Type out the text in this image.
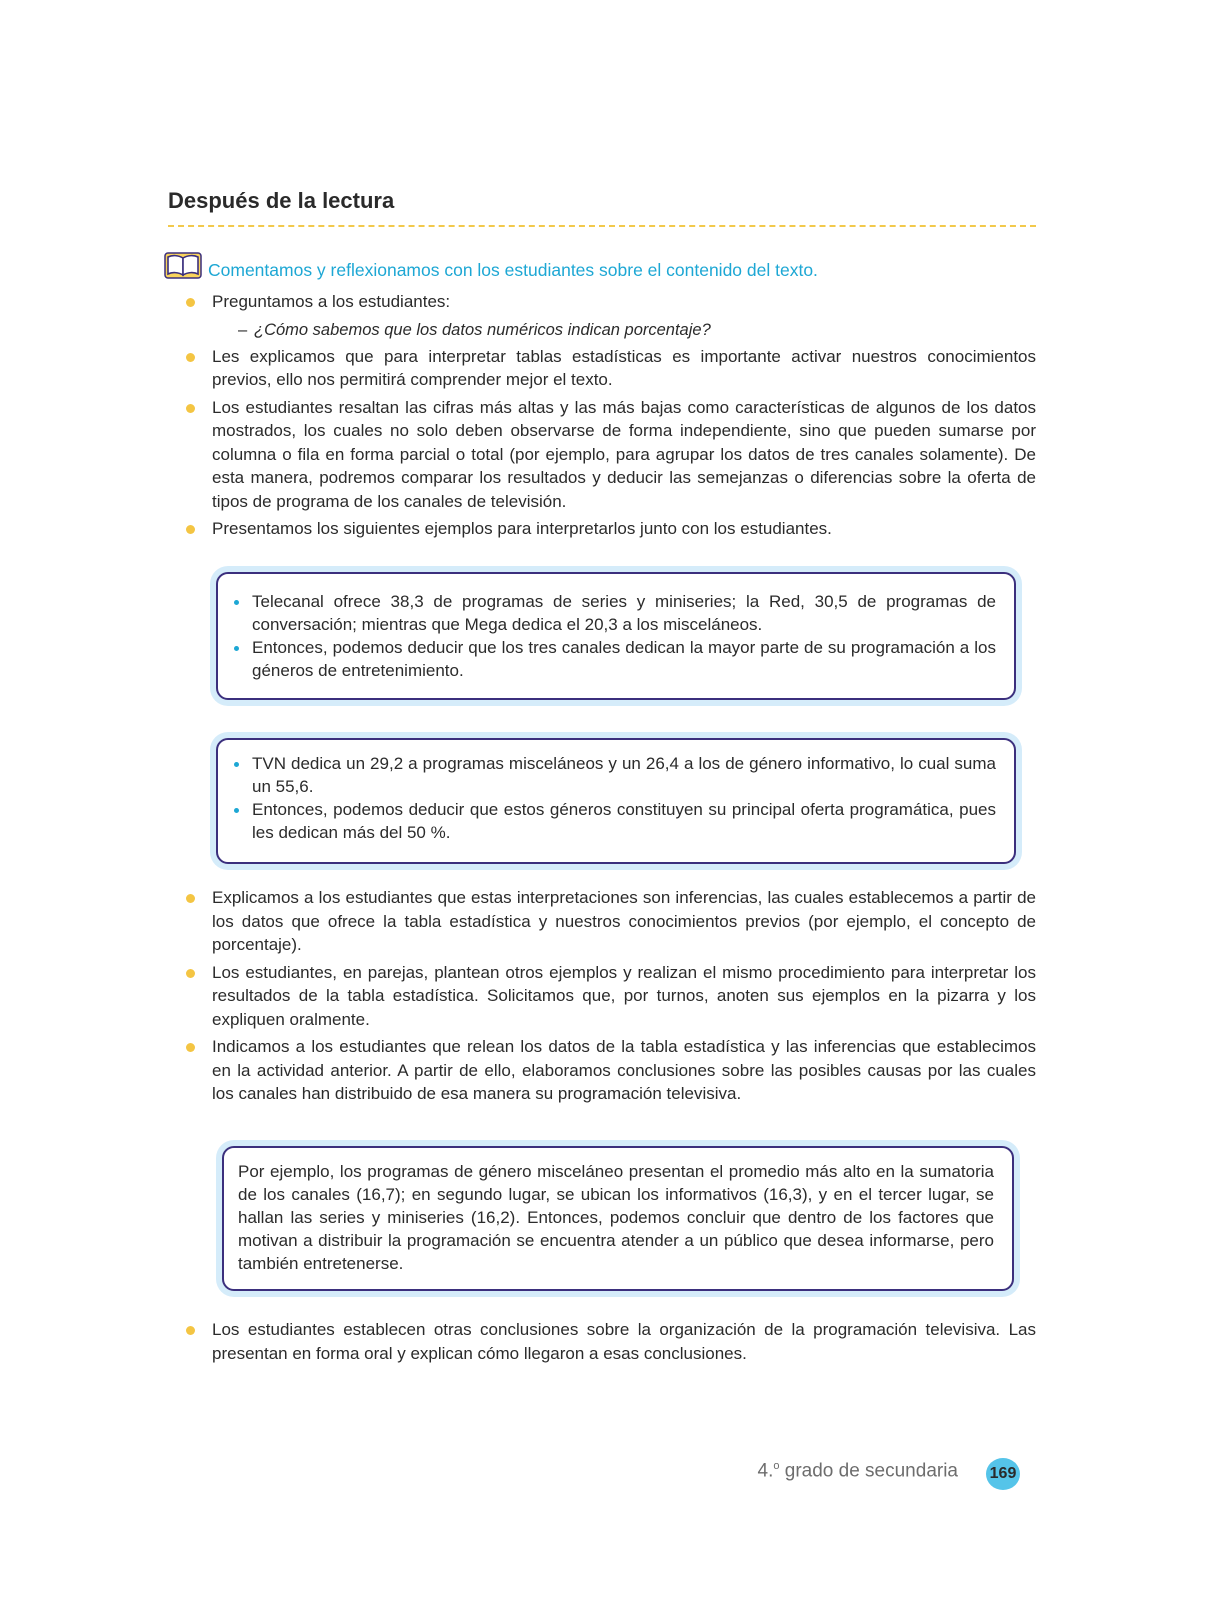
Después de la lectura
Comentamos y reflexionamos con los estudiantes sobre el contenido del texto.
Preguntamos a los estudiantes:
– ¿Cómo sabemos que los datos numéricos indican porcentaje?
Les explicamos que para interpretar tablas estadísticas es importante activar nuestros conocimientos previos, ello nos permitirá comprender mejor el texto.
Los estudiantes resaltan las cifras más altas y las más bajas como características de algunos de los datos mostrados, los cuales no solo deben observarse de forma independiente, sino que pueden sumarse por columna o fila en forma parcial o total (por ejemplo, para agrupar los datos de tres canales solamente). De esta manera, podremos comparar los resultados y deducir las semejanzas o diferencias sobre la oferta de tipos de programa de los canales de televisión.
Presentamos los siguientes ejemplos para interpretarlos junto con los estudiantes.
Telecanal ofrece 38,3 de programas de series y miniseries; la Red, 30,5 de programas de conversación; mientras que Mega dedica el 20,3 a los misceláneos.
Entonces, podemos deducir que los tres canales dedican la mayor parte de su programación a los géneros de entretenimiento.
TVN dedica un 29,2 a programas misceláneos y un 26,4 a los de género informativo, lo cual suma un 55,6.
Entonces, podemos deducir que estos géneros constituyen su principal oferta programática, pues les dedican más del 50 %.
Explicamos a los estudiantes que estas interpretaciones son inferencias, las cuales establecemos a partir de los datos que ofrece la tabla estadística y nuestros conocimientos previos (por ejemplo, el concepto de porcentaje).
Los estudiantes, en parejas, plantean otros ejemplos y realizan el mismo procedimiento para interpretar los resultados de la tabla estadística. Solicitamos que, por turnos, anoten sus ejemplos en la pizarra y los expliquen oralmente.
Indicamos a los estudiantes que relean los datos de la tabla estadística y las inferencias que establecimos en la actividad anterior. A partir de ello, elaboramos conclusiones sobre las posibles causas por las cuales los canales han distribuido de esa manera su programación televisiva.

Por ejemplo, los programas de género misceláneo presentan el promedio más alto en la sumatoria de los canales (16,7); en segundo lugar, se ubican los informativos (16,3), y en el tercer lugar, se hallan las series y miniseries (16,2). Entonces, podemos concluir que dentro de los factores que motivan a distribuir la programación se encuentra atender a un público que desea informarse, pero también entretenerse.

Los estudiantes establecen otras conclusiones sobre la organización de la programación televisiva. Las presentan en forma oral y explican cómo llegaron a esas conclusiones.
4.$^o$ grado de secundaria 169
